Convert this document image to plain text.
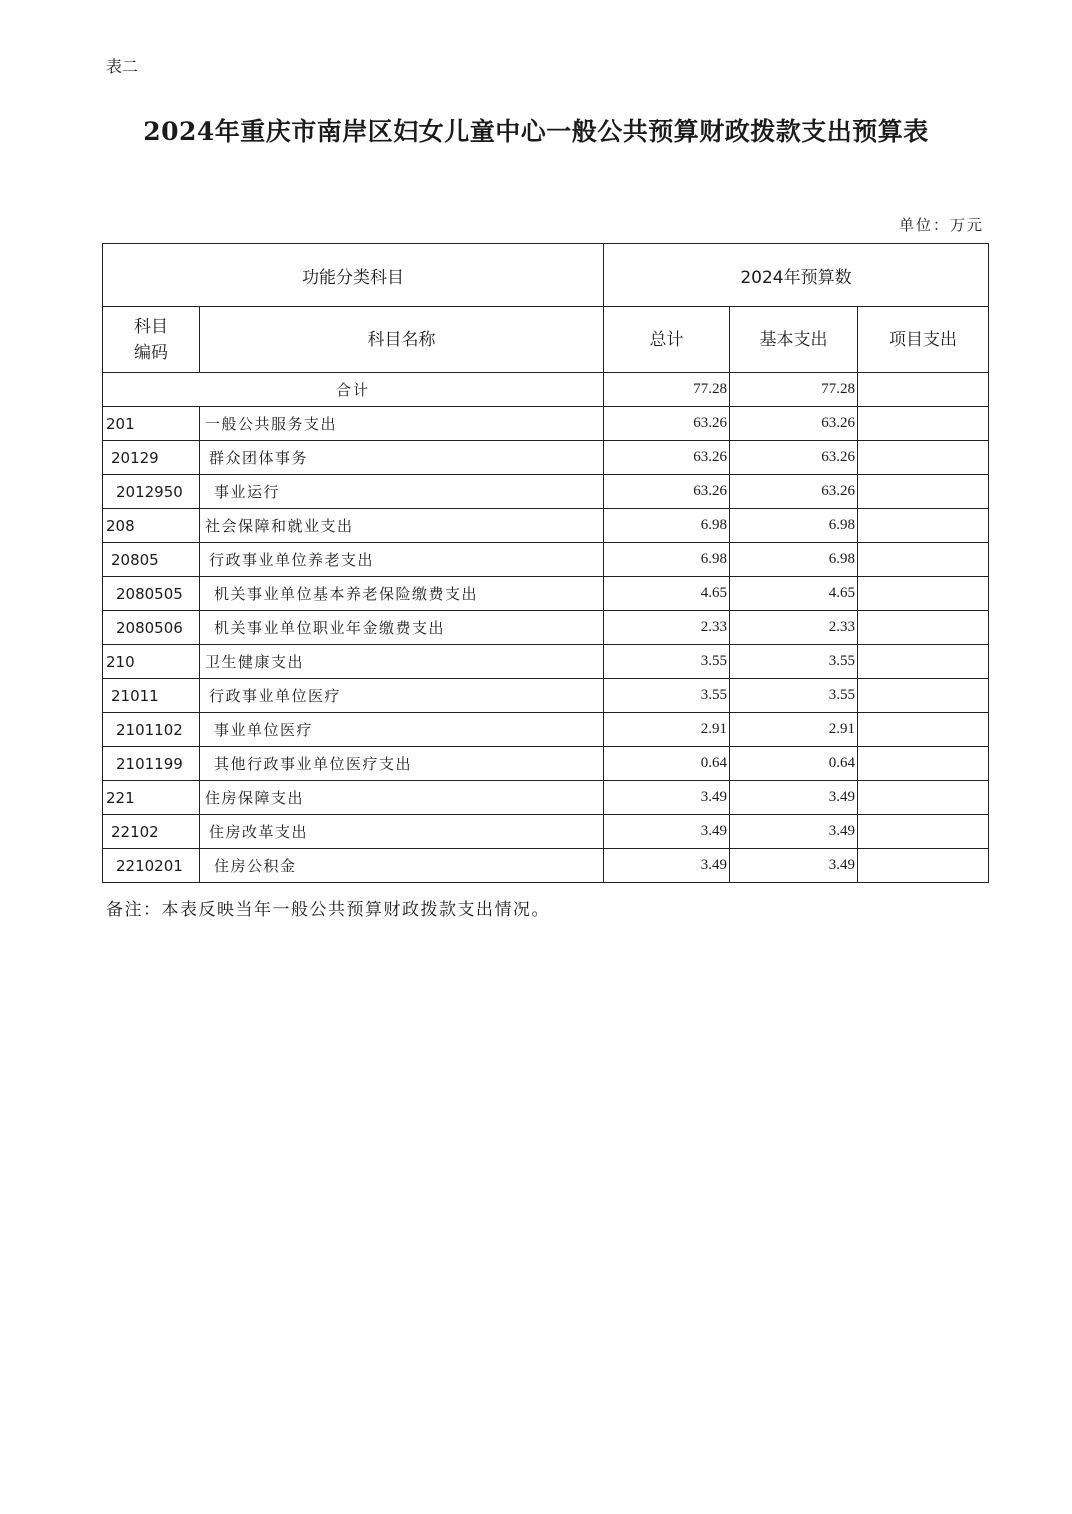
表二
2024年重庆市南岸区妇女儿童中心一般公共预算财政拨款支出预算表
单位：万元
功能分类科目		2024年预算数		

科目编码	科目名称	总计	基本支出	项目支出
合计		77.28	77.28	
201	一般公共服务支出	63.26	63.26	
20129	群众团体事务	63.26	63.26	
2012950	事业运行	63.26	63.26	
208	社会保障和就业支出	6.98	6.98	
20805	行政事业单位养老支出	6.98	6.98	
2080505	机关事业单位基本养老保险缴费支出	4.65	4.65	
2080506	机关事业单位职业年金缴费支出	2.33	2.33	
210	卫生健康支出	3.55	3.55	
21011	行政事业单位医疗	3.55	3.55	
2101102	事业单位医疗	2.91	2.91	
2101199	其他行政事业单位医疗支出	0.64	0.64	
221	住房保障支出	3.49	3.49	
22102	住房改革支出	3.49	3.49	
2210201	住房公积金	3.49	3.49	
备注：本表反映当年一般公共预算财政拨款支出情况。
